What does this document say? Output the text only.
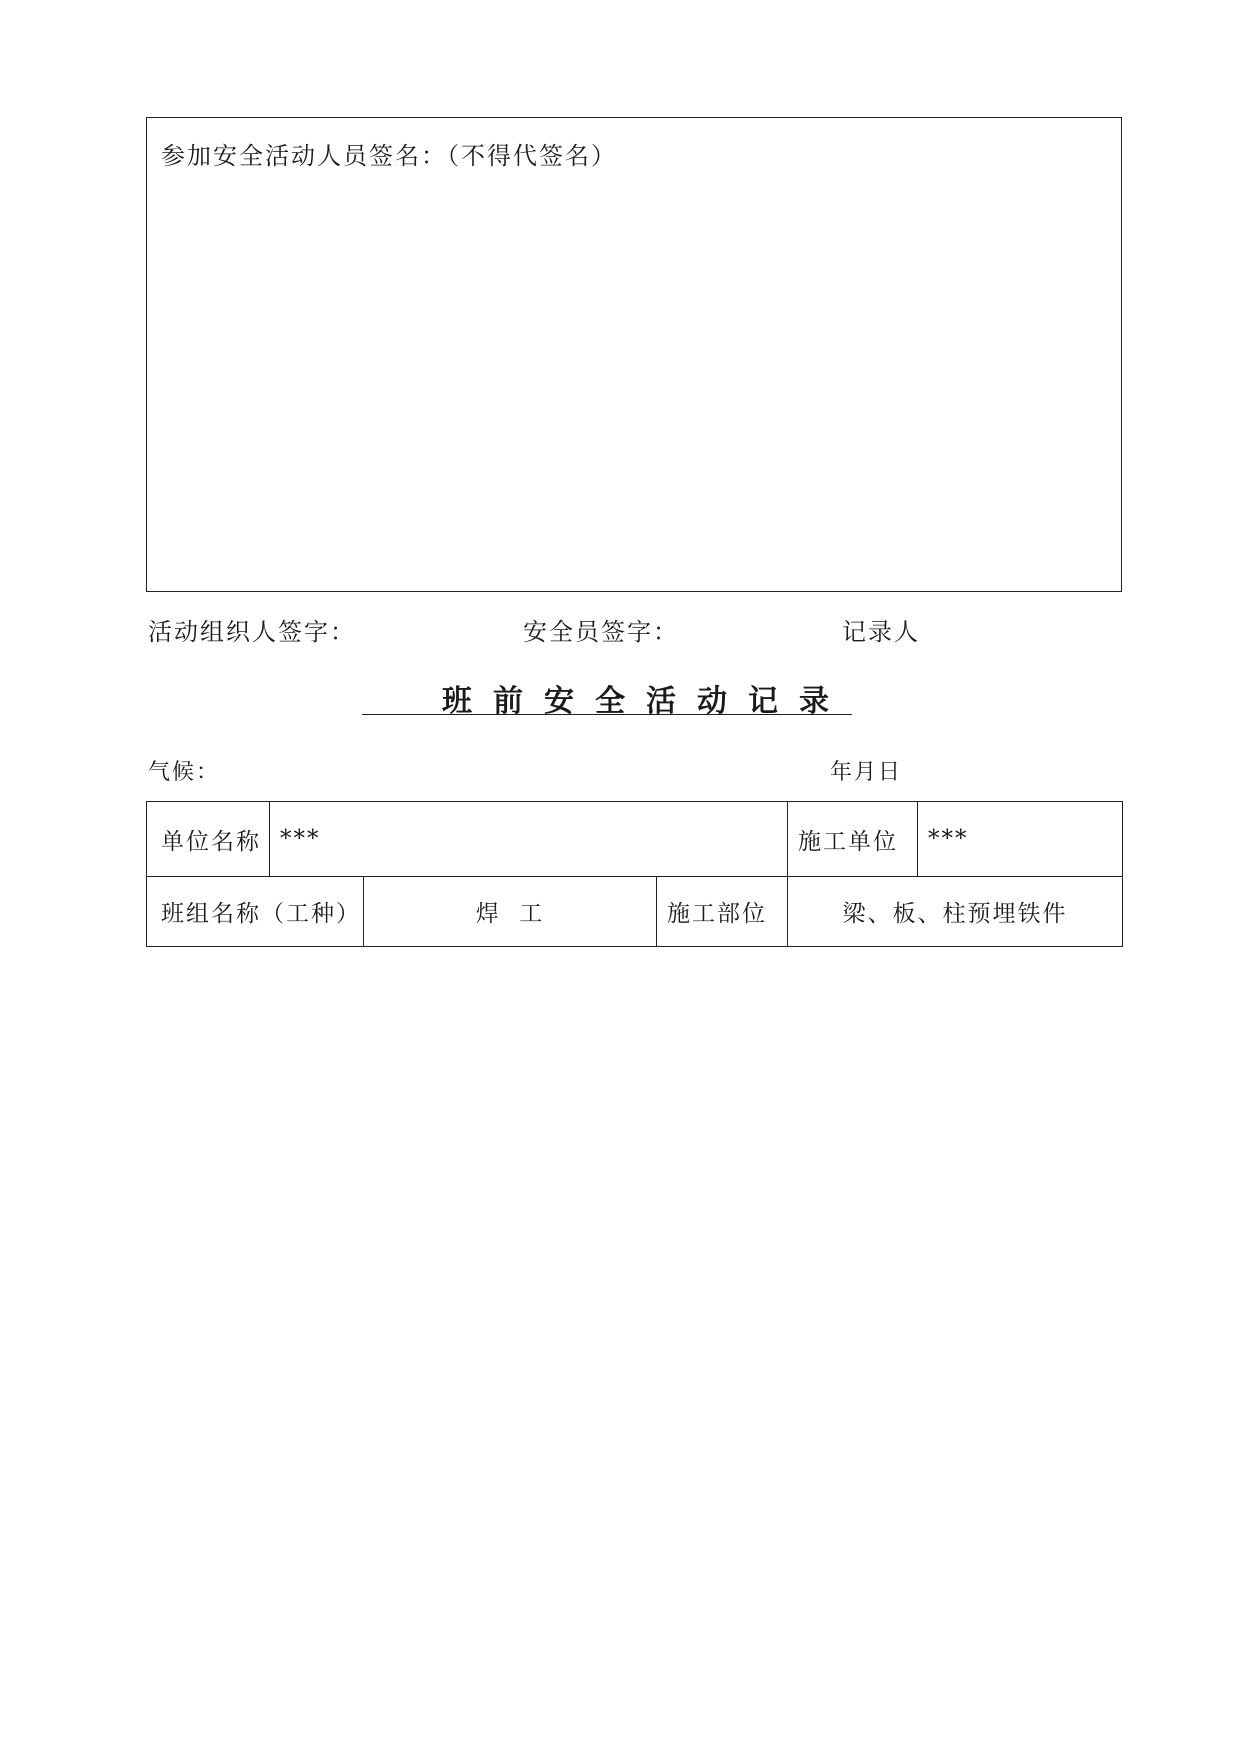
参加安全活动人员签名：（不得代签名）
活动组织人签字：	安全员签字：	记录人
班前安全活动记录
气候：	年月日
单位名称	***			施工单位	***
班组名称（工种）		焊  工	施工部位	梁、板、柱预埋铁件	
